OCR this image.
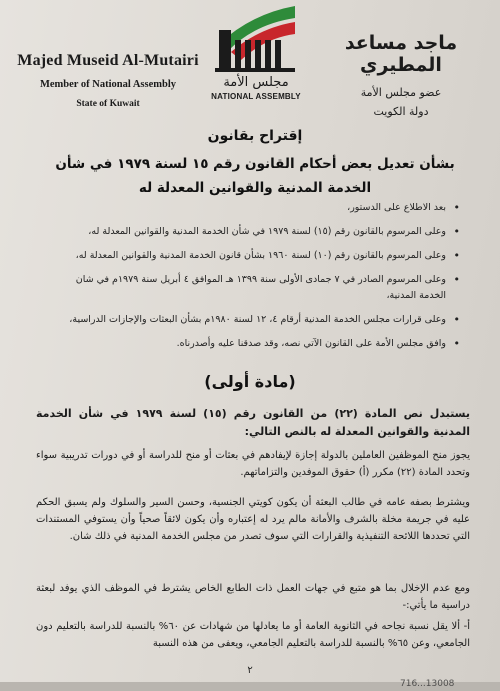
Majed Museid Al-Mutairi
Member of National Assembly
State of Kuwait
مجلس الأمة
NATIONAL ASSEMBLY
ماجد مساعد المطيري
عضو مجلس الأمة
دولة الكويت
إقتراح بقانون
بشأن تعديل بعض أحكام القانون رقم ١٥ لسنة ١٩٧٩ في شأن الخدمة المدنية والقوانين المعدلة له
•
بعد الاطلاع على الدستور،
•
وعلى المرسوم بالقانون رقم (١٥) لسنة ١٩٧٩ في شأن الخدمة المدنية والقوانين المعدلة له،
•
وعلى المرسوم بالقانون رقم (١٠) لسنة ١٩٦٠ بشأن قانون الخدمة المدنية والقوانين المعدلة له،
•
وعلى المرسوم الصادر في ٧ جمادى الأولى سنة ١٣٩٩ هـ الموافق ٤ أبريل سنة ١٩٧٩م في شان الخدمة المدنية،
•
وعلى قرارات مجلس الخدمة المدنية أرقام ٤، ١٢ لسنة ١٩٨٠م بشأن البعثات والإجازات الدراسية،
•
وافق مجلس الأمة على القانون الآتي نصه، وقد صدقنا عليه وأصدرناه.
(مادة أولى)
يستبدل نص المادة (٢٢) من القانون رقم (١٥) لسنة ١٩٧٩ في شأن الخدمة المدنية والقوانين المعدلة له بالنص التالي:
يجوز منح الموظفين العاملين بالدولة إجازة لإيفادهم في بعثات أو منح للدراسة أو في دورات تدريبية سواء وتحدد المادة (٢٢) مكرر (أ) حقوق الموفدين والتزاماتهم.
ويشترط بصفه عامه في طالب البعثة أن يكون كويتي الجنسية، وحسن السير والسلوك ولم يسبق الحكم عليه في جريمة مخلة بالشرف والأمانة مالم يرد له إعتباره وأن يكون لائقاً صحياً وأن يستوفي المستندات التي تحددها اللائحة التنفيذية والقرارات التي سوف تصدر من مجلس الخدمة المدنية في ذلك شان.
ومع عدم الإخلال بما هو متبع في جهات العمل ذات الطابع الخاص يشترط في الموظف الذي يوفد لبعثة دراسية ما يأتي:-
أ- ألا يقل نسبة نجاحه في الثانوية العامة أو ما يعادلها من شهادات عن ٦٠% بالنسبة للدراسة بالتعليم دون الجامعي، وعن ٦٥% بالنسبة للدراسة بالتعليم الجامعي، ويعفى من هذه النسبة
٢
716...13008
